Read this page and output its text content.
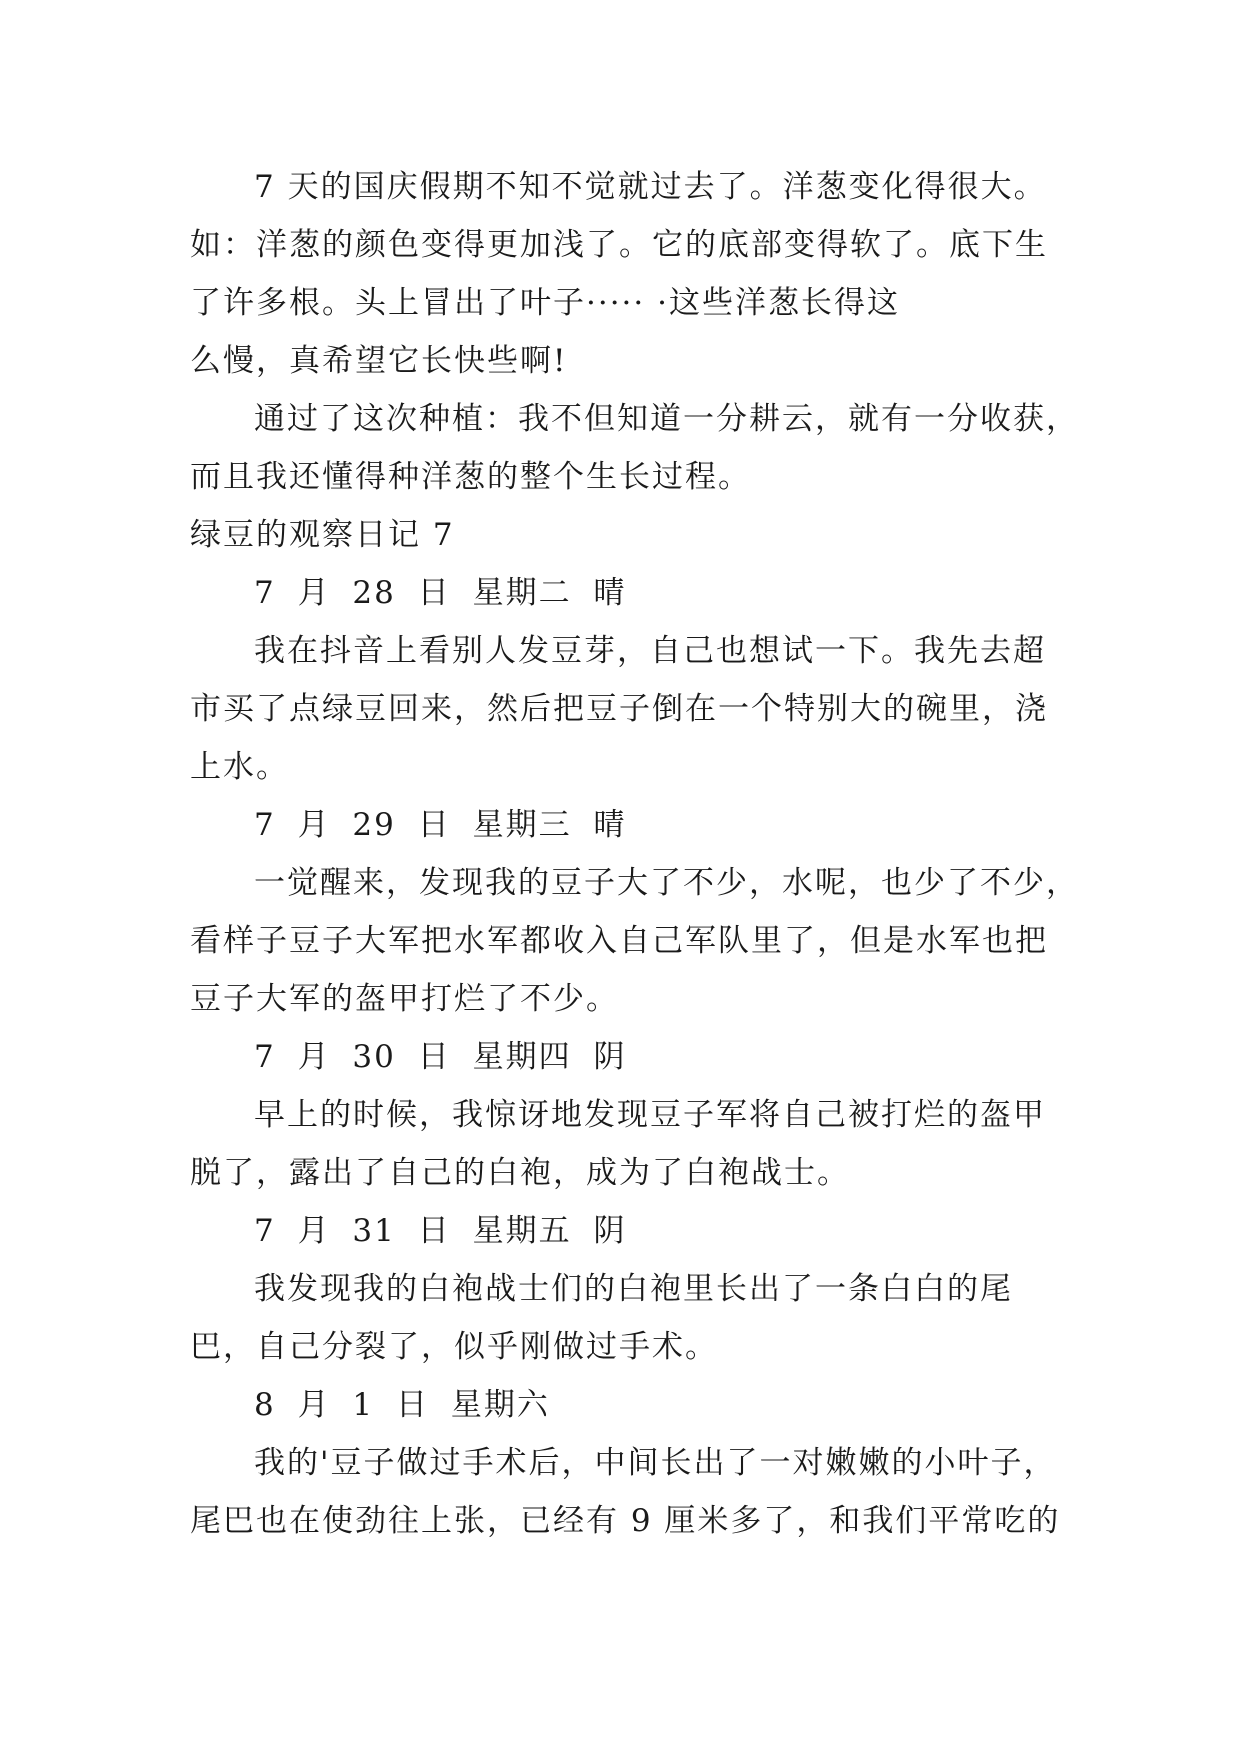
7 天的国庆假期不知不觉就过去了。洋葱变化得很大。
如：洋葱的颜色变得更加浅了。它的底部变得软了。底下生
了许多根。头上冒出了叶子····· ·这些洋葱长得这
么慢，真希望它长快些啊!
通过了这次种植：我不但知道一分耕云，就有一分收获，
而且我还懂得种洋葱的整个生长过程。
绿豆的观察日记 7
7 月 28 日 星期二 晴
我在抖音上看别人发豆芽，自己也想试一下。我先去超
市买了点绿豆回来，然后把豆子倒在一个特别大的碗里，浇
上水。
7 月 29 日 星期三 晴
一觉醒来，发现我的豆子大了不少，水呢，也少了不少，
看样子豆子大军把水军都收入自己军队里了，但是水军也把
豆子大军的盔甲打烂了不少。
7 月 30 日 星期四 阴
早上的时候，我惊讶地发现豆子军将自己被打烂的盔甲
脱了，露出了自己的白袍，成为了白袍战士。
7 月 31 日 星期五 阴
我发现我的白袍战士们的白袍里长出了一条白白的尾
巴，自己分裂了，似乎刚做过手术。
8 月 1 日 星期六
我的'豆子做过手术后，中间长出了一对嫩嫩的小叶子，
尾巴也在使劲往上张，已经有 9 厘米多了，和我们平常吃的
